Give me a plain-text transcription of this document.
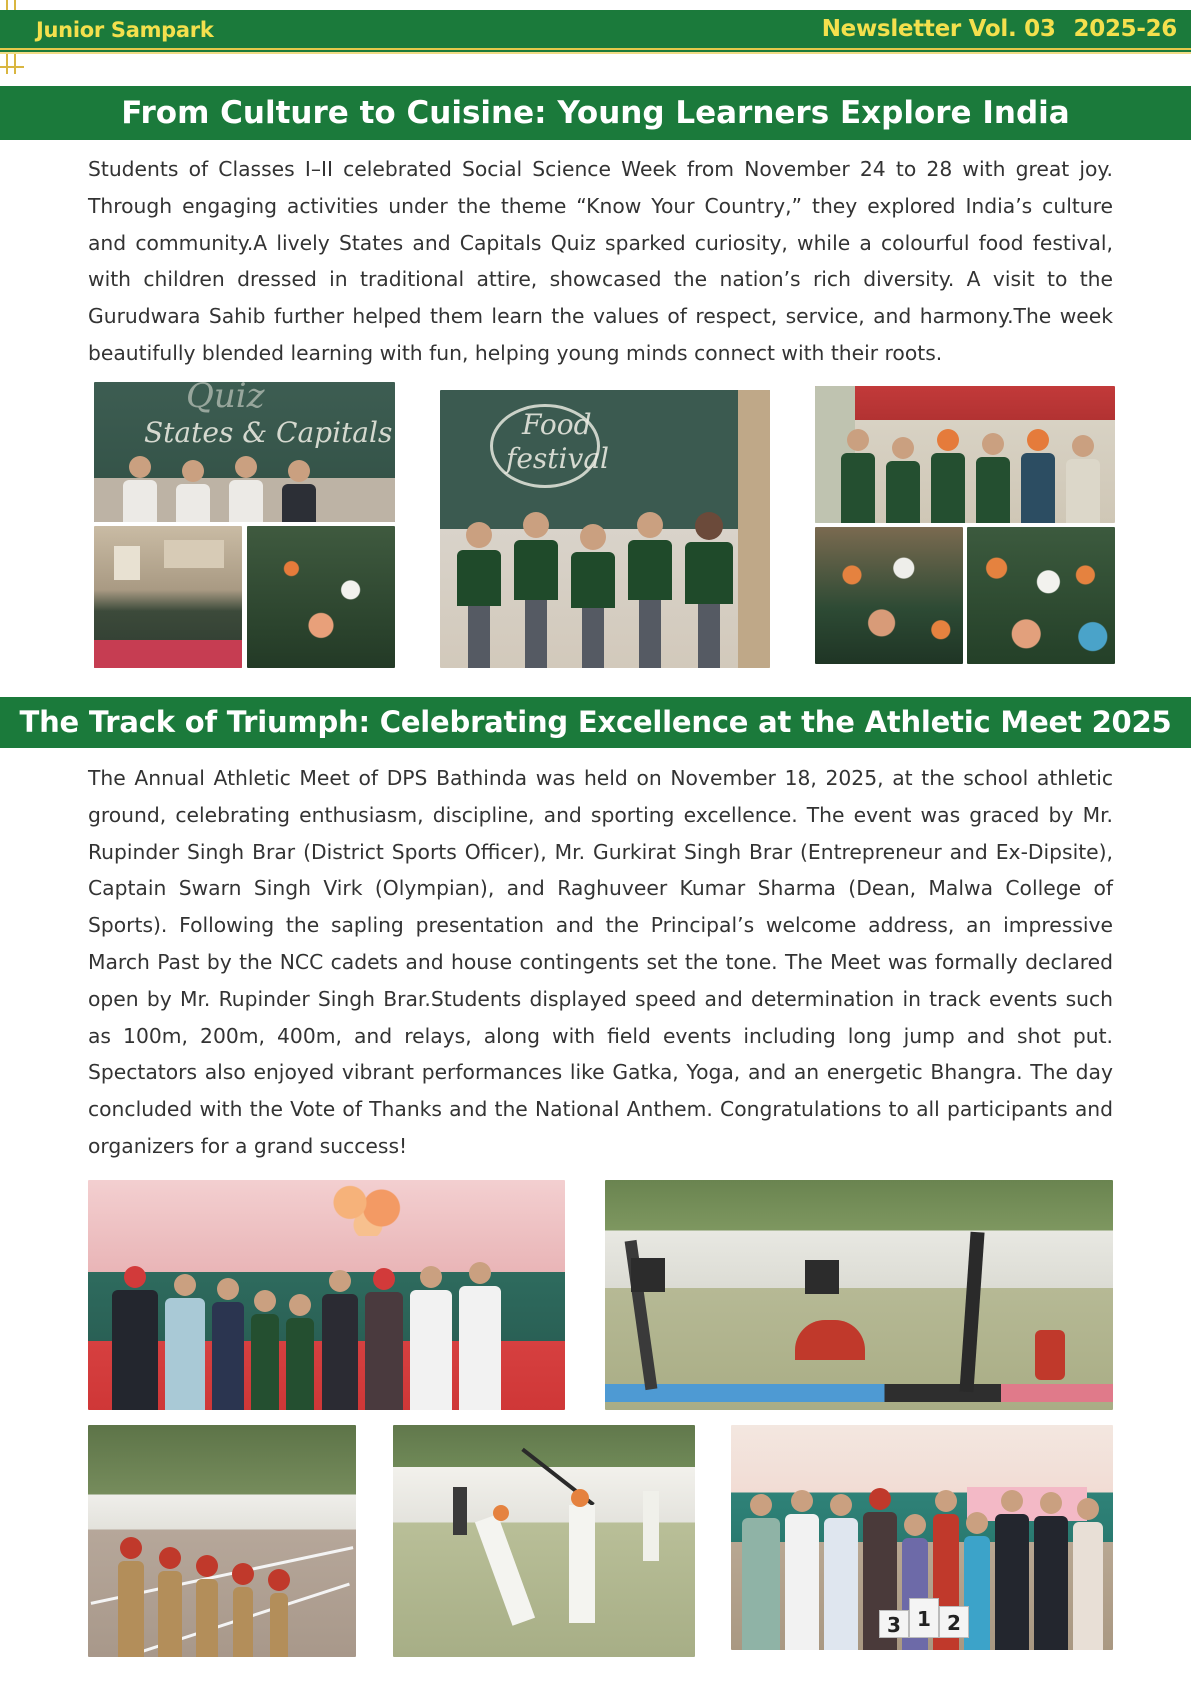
Junior Sampark	Newsletter Vol. 03 2025-26
From Culture to Cuisine: Young Learners Explore India

Students of Classes I–II celebrated Social Science Week from November 24 to 28 with great joy. Through engaging activities under the theme “Know Your Country,” they explored India’s culture and community.A lively States and Capitals Quiz sparked curiosity, while a colourful food festival, with children dressed in traditional attire, showcased the nation’s rich diversity. A visit to the Gurudwara Sahib further helped them learn the values of respect, service, and harmony.The week beautifully blended learning with fun, helping young minds connect with their roots.

Quiz
States & Capitals	Food
festival
The Track of Triumph: Celebrating Excellence at the Athletic Meet 2025

The Annual Athletic Meet of DPS Bathinda was held on November 18, 2025, at the school athletic ground, celebrating enthusiasm, discipline, and sporting excellence. The event was graced by Mr. Rupinder Singh Brar (District Sports Officer), Mr. Gurkirat Singh Brar (Entrepreneur and Ex-Dipsite), Captain Swarn Singh Virk (Olympian), and Raghuveer Kumar Sharma (Dean, Malwa College of Sports). Following the sapling presentation and the Principal’s welcome address, an impressive March Past by the NCC cadets and house contingents set the tone. The Meet was formally declared open by Mr. Rupinder Singh Brar.Students displayed speed and determination in track events such as 100m, 200m, 400m, and relays, along with field events including long jump and shot put. Spectators also enjoyed vibrant performances like Gatka, Yoga, and an energetic Bhangra. The day concluded with the Vote of Thanks and the National Anthem. Congratulations to all participants and organizers for a grand success!

3 1 2
